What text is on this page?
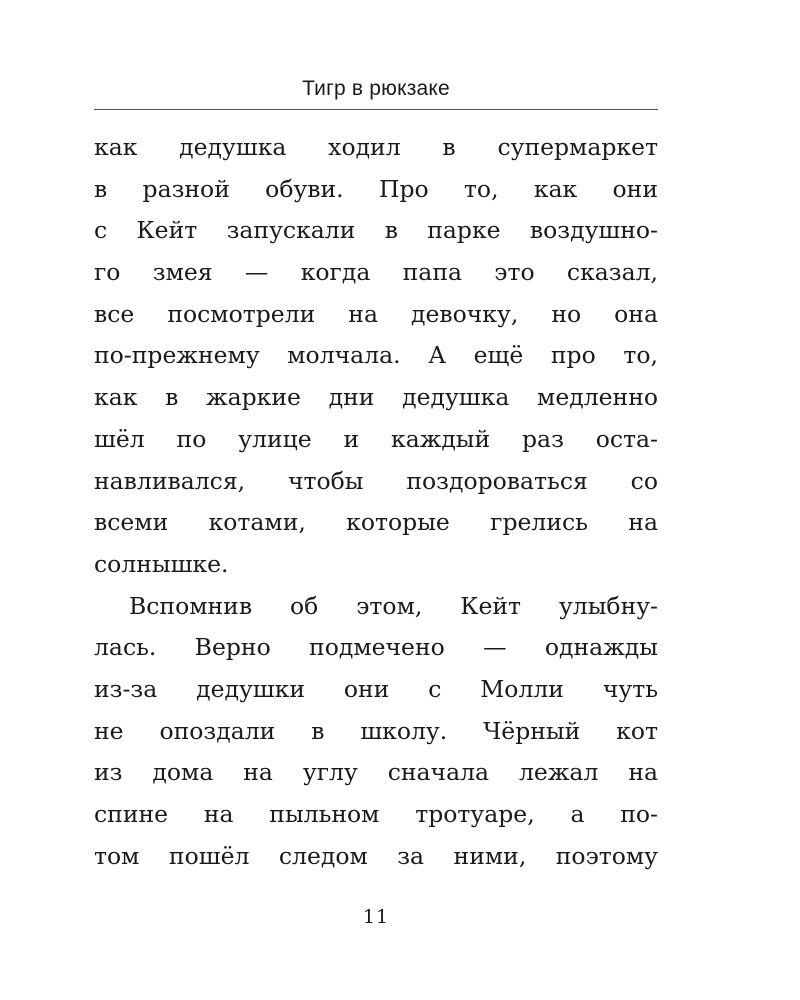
Тигр в рюкзаке
как дедушка ходил в супермаркет
в разной обуви. Про то, как они
с Кейт запускали в парке воздушно-
го змея — когда папа это сказал,
все посмотрели на девочку, но она
по-прежнему молчала. А ещё про то,
как в жаркие дни дедушка медленно
шёл по улице и каждый раз оста-
навливался, чтобы поздороваться со
всеми котами, которые грелись на
солнышке.
Вспомнив об этом, Кейт улыбну-
лась. Верно подмечено — однажды
из-за дедушки они с Молли чуть
не опоздали в школу. Чёрный кот
из дома на углу сначала лежал на
спине на пыльном тротуаре, а по-
том пошёл следом за ними, поэтому
11
